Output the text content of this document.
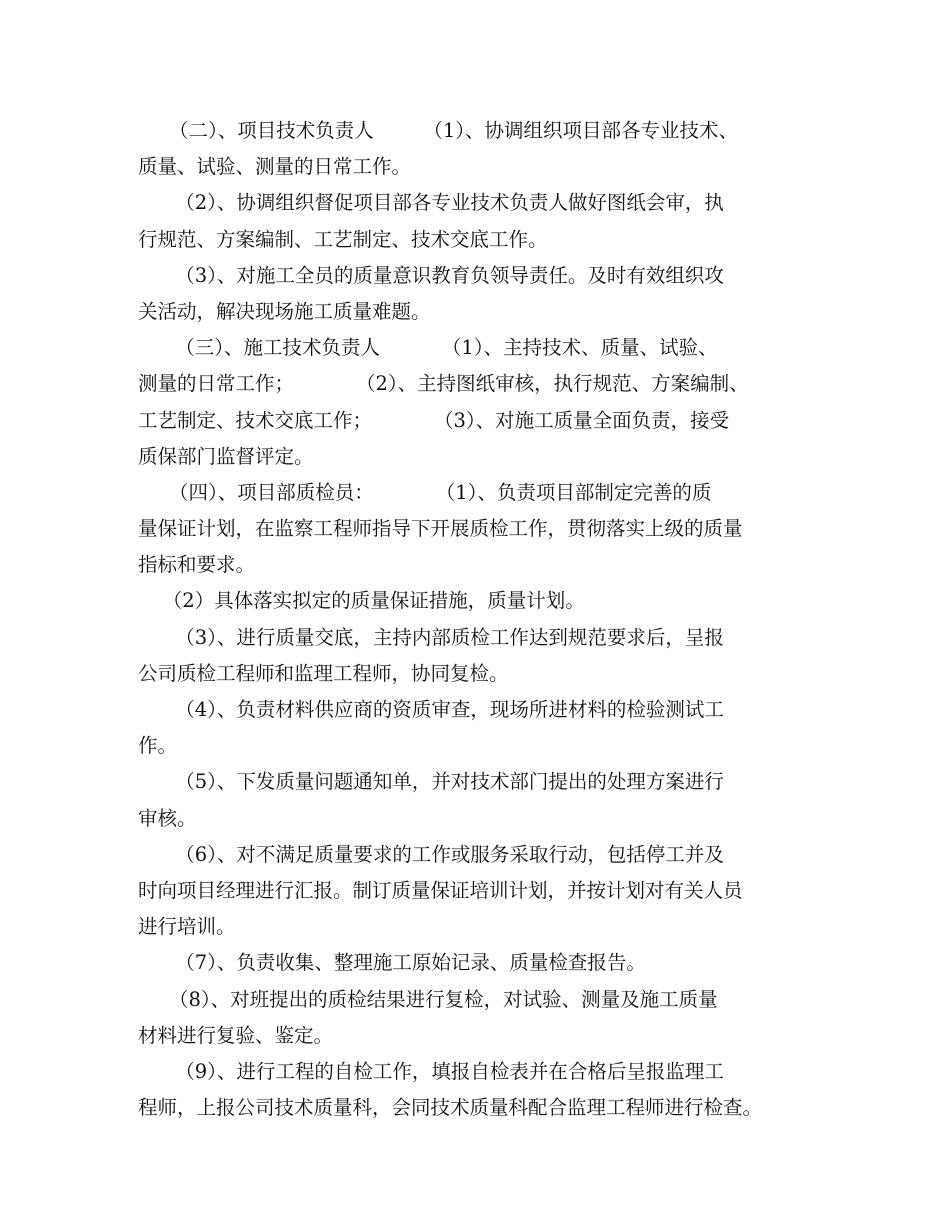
（二）、项目技术负责人        （1）、协调组织项目部各专业技术、
质量、试验、测量的日常工作。
（2）、协调组织督促项目部各专业技术负责人做好图纸会审，执
行规范、方案编制、工艺制定、技术交底工作。
（3）、对施工全员的质量意识教育负领导责任。及时有效组织攻
关活动，解决现场施工质量难题。
（三）、施工技术负责人          （1）、主持技术、质量、试验、
测量的日常工作；          （2）、主持图纸审核，执行规范、方案编制、
工艺制定、技术交底工作；          （3）、对施工质量全面负责，接受
质保部门监督评定。
（四）、项目部质检员：          （1）、负责项目部制定完善的质
量保证计划，在监察工程师指导下开展质检工作，贯彻落实上级的质量
指标和要求。
（2）具体落实拟定的质量保证措施，质量计划。
（3）、进行质量交底，主持内部质检工作达到规范要求后，呈报
公司质检工程师和监理工程师，协同复检。
（4）、负责材料供应商的资质审查，现场所进材料的检验测试工
作。
（5）、下发质量问题通知单，并对技术部门提出的处理方案进行
审核。
（6）、对不满足质量要求的工作或服务采取行动，包括停工并及
时向项目经理进行汇报。制订质量保证培训计划，并按计划对有关人员
进行培训。
（7）、负责收集、整理施工原始记录、质量检查报告。
（8）、对班提出的质检结果进行复检，对试验、测量及施工质量
材料进行复验、鉴定。
（9）、进行工程的自检工作，填报自检表并在合格后呈报监理工
程师，上报公司技术质量科，会同技术质量科配合监理工程师进行检查。
